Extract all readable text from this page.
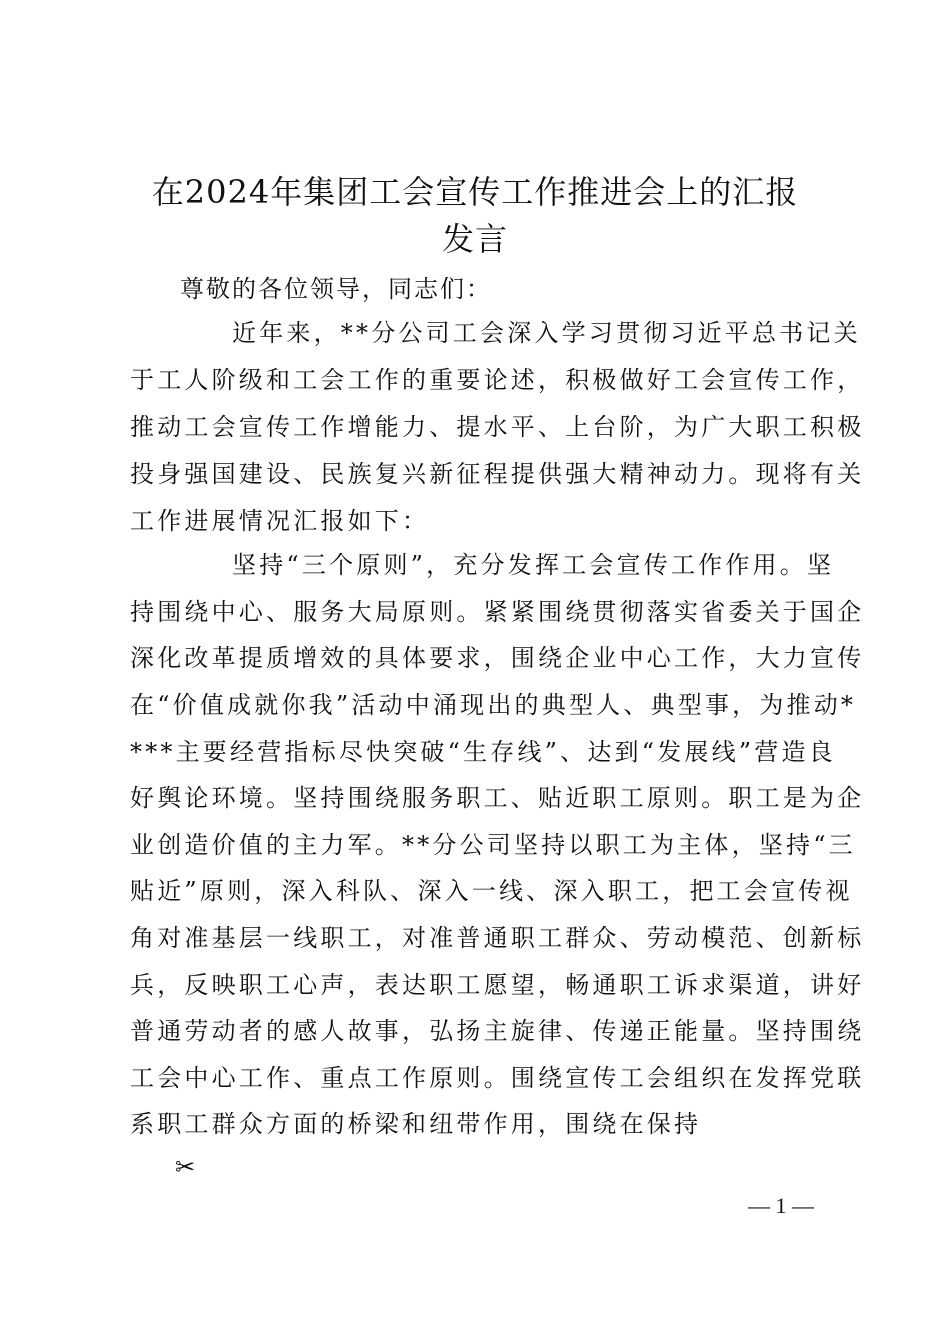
在2024年集团工会宣传工作推进会上的汇报
发言
尊敬的各位领导，同志们：
近年来，**分公司工会深入学习贯彻习近平总书记关
于工人阶级和工会工作的重要论述，积极做好工会宣传工作，
推动工会宣传工作增能力、提水平、上台阶，为广大职工积极
投身强国建设、民族复兴新征程提供强大精神动力。现将有关
工作进展情况汇报如下：
坚持“三个原则”，充分发挥工会宣传工作作用。坚
持围绕中心、服务大局原则。紧紧围绕贯彻落实省委关于国企
深化改革提质增效的具体要求，围绕企业中心工作，大力宣传
在“价值成就你我”活动中涌现出的典型人、典型事，为推动*
***主要经营指标尽快突破“生存线”、达到“发展线”营造良
好舆论环境。坚持围绕服务职工、贴近职工原则。职工是为企
业创造价值的主力军。**分公司坚持以职工为主体，坚持“三
贴近”原则，深入科队、深入一线、深入职工，把工会宣传视
角对准基层一线职工，对准普通职工群众、劳动模范、创新标
兵，反映职工心声，表达职工愿望，畅通职工诉求渠道，讲好
普通劳动者的感人故事，弘扬主旋律、传递正能量。坚持围绕
工会中心工作、重点工作原则。围绕宣传工会组织在发挥党联
系职工群众方面的桥梁和纽带作用，围绕在保持
✂
— 1 —
